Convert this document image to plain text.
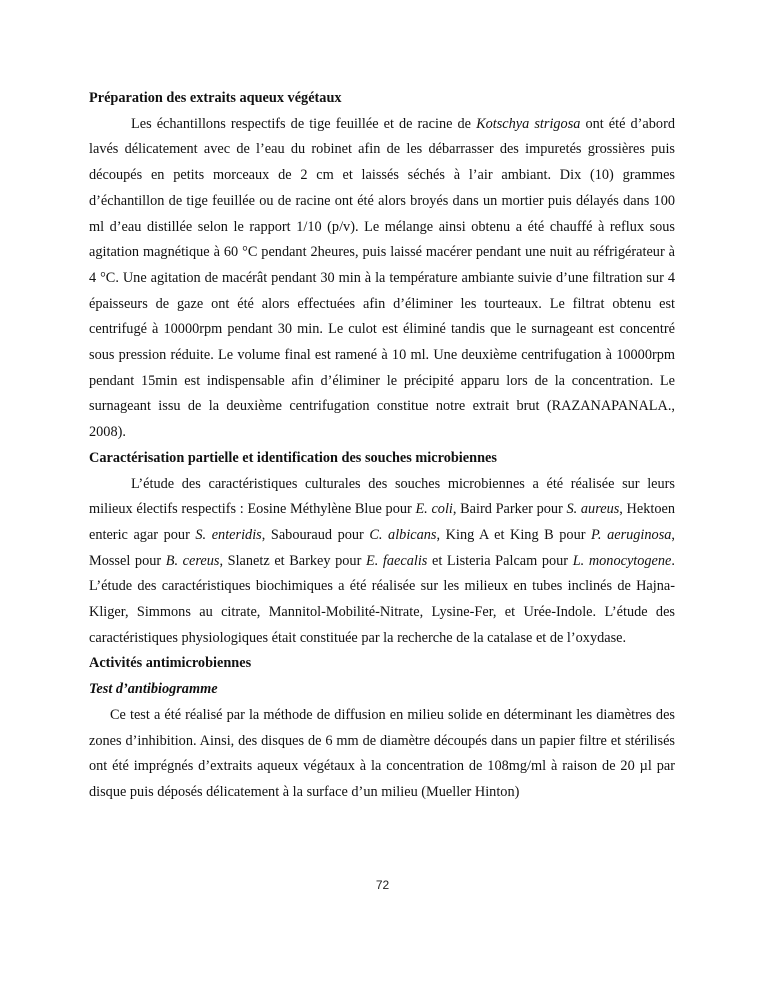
Préparation des extraits aqueux végétaux

Les échantillons respectifs de tige feuillée et de racine de Kotschya strigosa ont été d’abord lavés délicatement avec de l’eau du robinet afin de les débarrasser des impuretés grossières puis découpés en petits morceaux de 2 cm et laissés séchés à l’air ambiant. Dix (10) grammes d’échantillon de tige feuillée ou de racine ont été alors broyés dans un mortier puis délayés dans 100 ml d’eau distillée selon le rapport 1/10 (p/v). Le mélange ainsi obtenu a été chauffé à reflux sous agitation magnétique à 60 °C pendant 2heures, puis laissé macérer pendant une nuit au réfrigérateur à 4 °C. Une agitation de macérât pendant 30 min à la température ambiante suivie d’une filtration sur 4 épaisseurs de gaze ont été alors effectuées afin d’éliminer les tourteaux. Le filtrat obtenu est centrifugé à 10000rpm pendant 30 min. Le culot est éliminé tandis que le surnageant est concentré sous pression réduite. Le volume final est ramené à 10 ml. Une deuxième centrifugation à 10000rpm pendant 15min est indispensable afin d’éliminer le précipité apparu lors de la concentration. Le surnageant issu de la deuxième centrifugation constitue notre extrait brut (RAZANAPANALA., 2008).

Caractérisation partielle et identification des souches microbiennes

L’étude des caractéristiques culturales des souches microbiennes a été réalisée sur leurs milieux électifs respectifs : Eosine Méthylène Blue pour E. coli, Baird Parker pour S. aureus, Hektoen enteric agar pour S. enteridis, Sabouraud pour C. albicans, King A et King B pour P. aeruginosa, Mossel pour B. cereus, Slanetz et Barkey pour E. faecalis et Listeria Palcam pour L. monocytogene. L’étude des caractéristiques biochimiques a été réalisée sur les milieux en tubes inclinés de Hajna-Kliger, Simmons au citrate, Mannitol-Mobilité-Nitrate, Lysine-Fer, et Urée-Indole. L’étude des caractéristiques physiologiques était constituée par la recherche de la catalase et de l’oxydase.

Activités antimicrobiennes
Test d’antibiogramme

Ce test a été réalisé par la méthode de diffusion en milieu solide en déterminant les diamètres des zones d’inhibition. Ainsi, des disques de 6 mm de diamètre découpés dans un papier filtre et stérilisés ont été imprégnés d’extraits aqueux végétaux à la concentration de 108mg/ml à raison de 20 µl par disque puis déposés délicatement à la surface d’un milieu (Mueller Hinton)

72
